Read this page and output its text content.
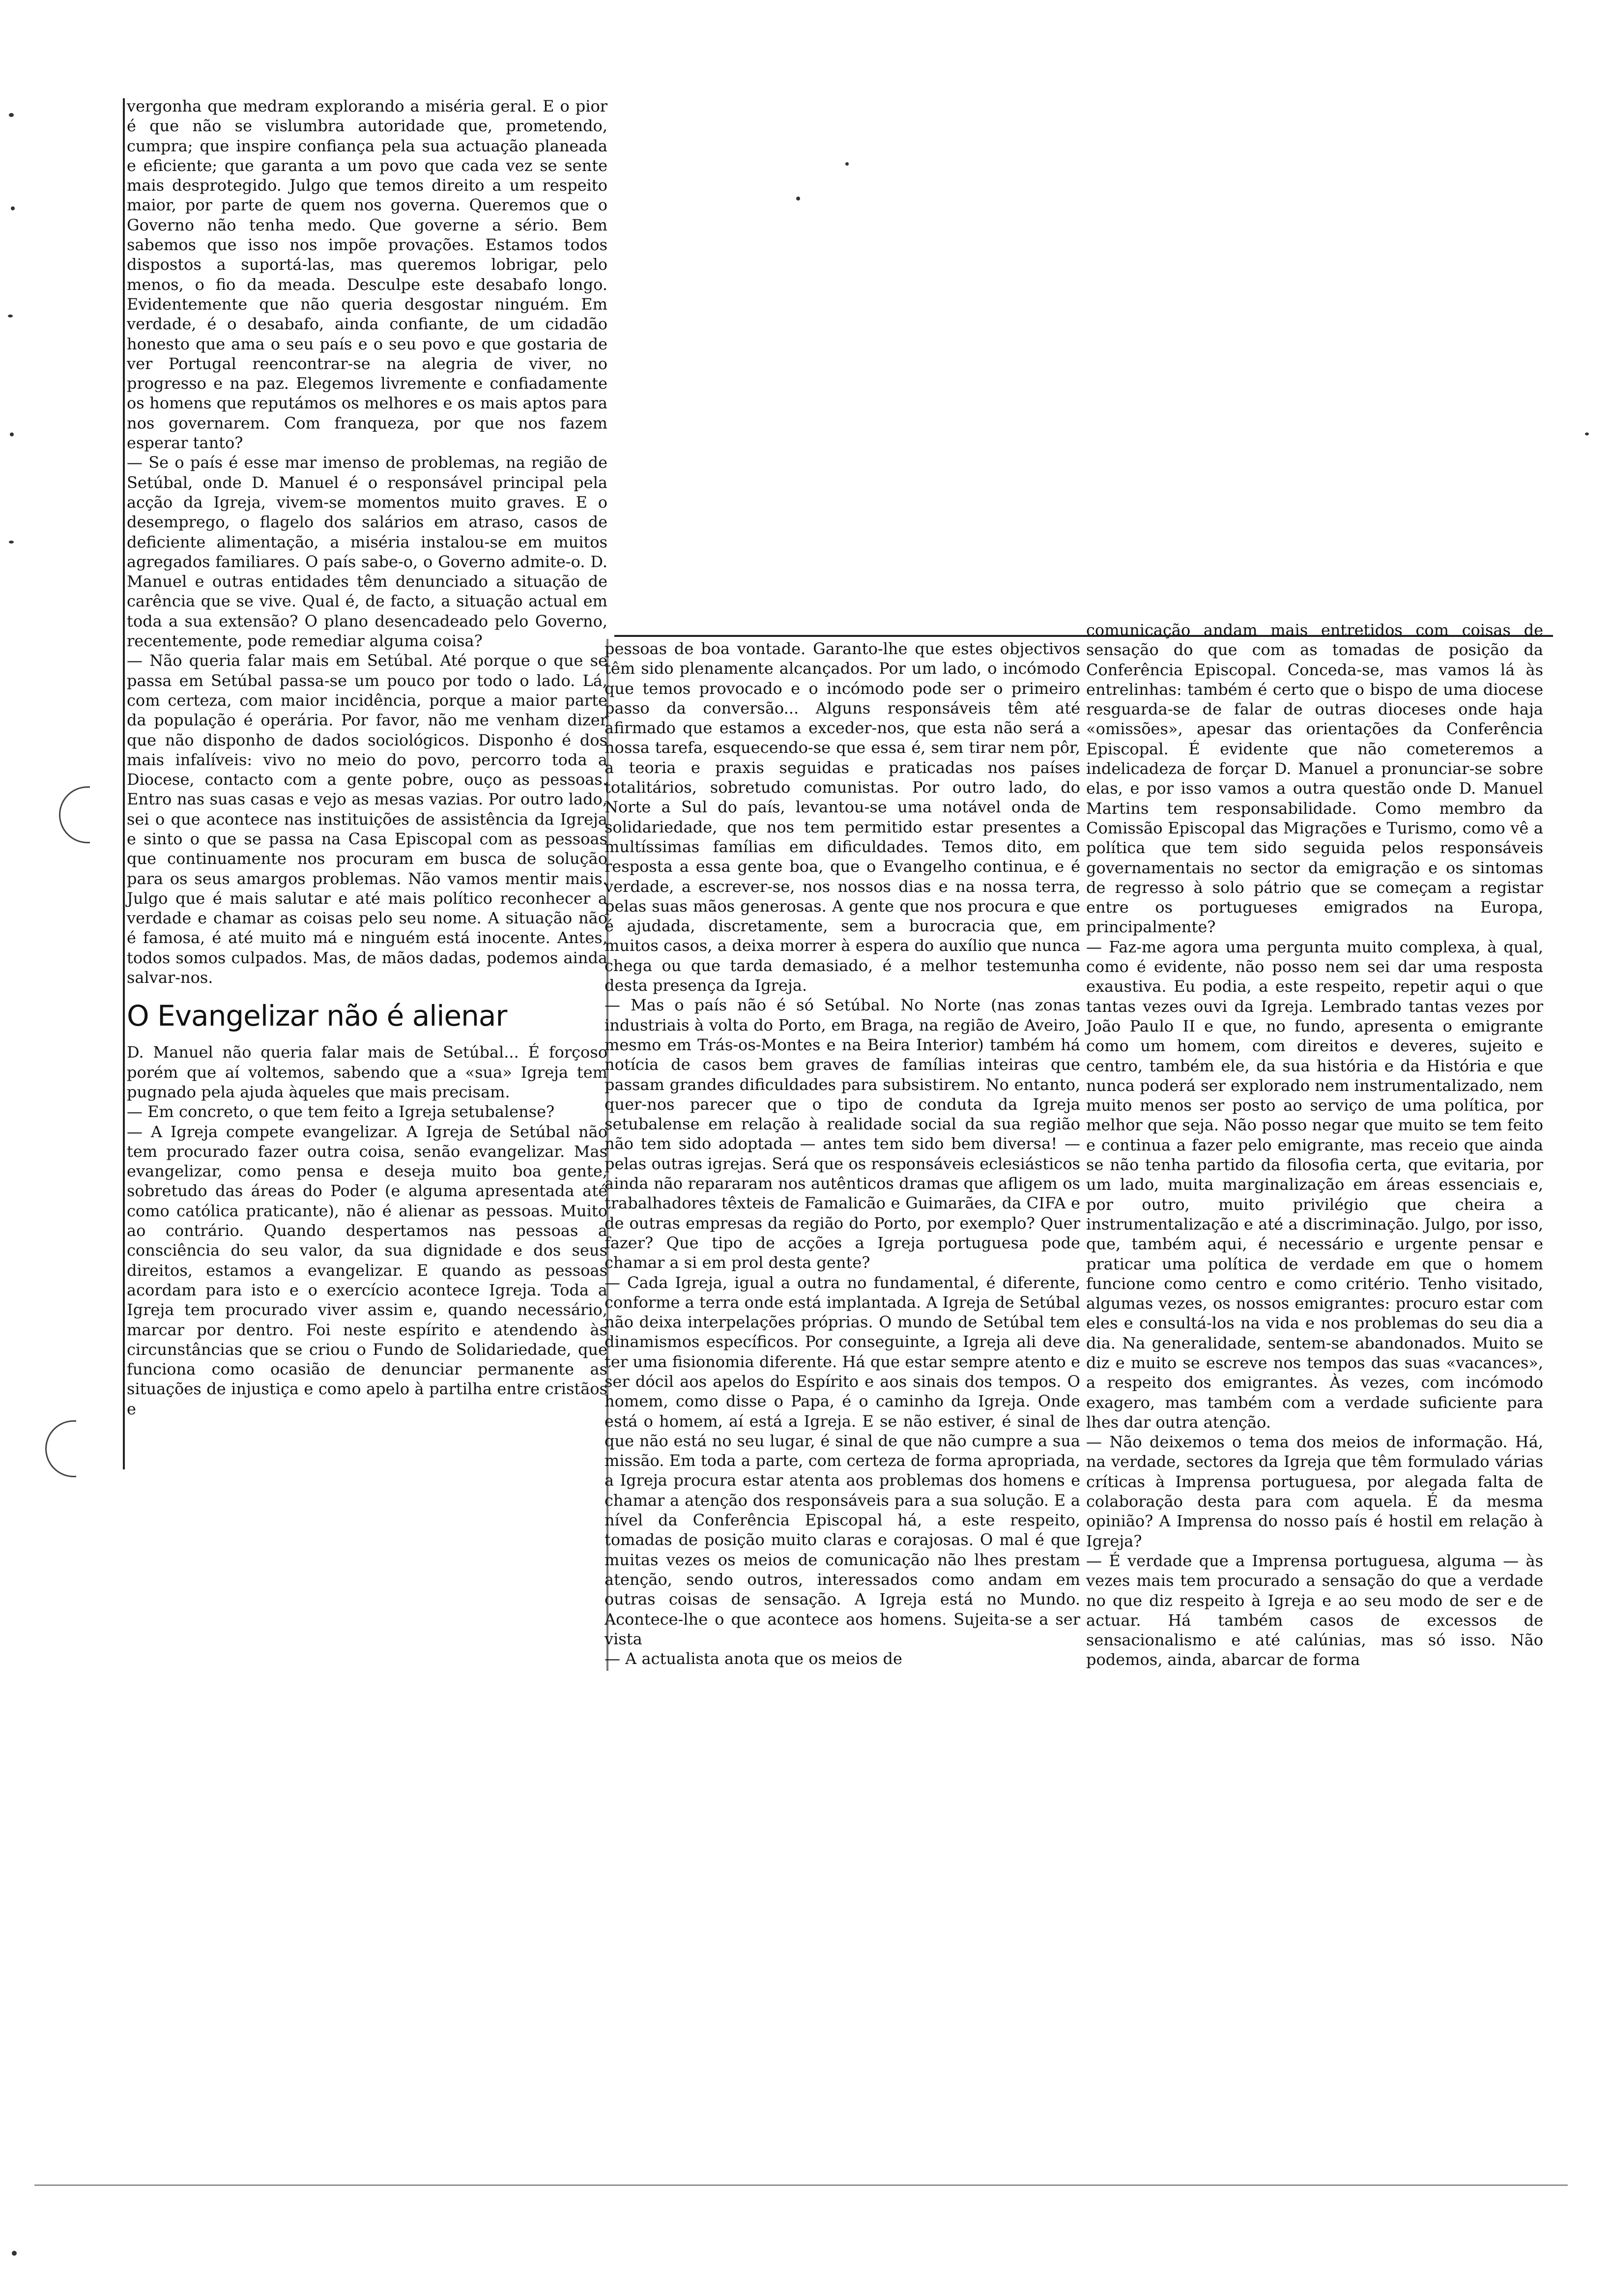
vergonha que medram explorando a miséria geral. E o pior é que não se vislumbra autoridade que, prometendo, cumpra; que inspire confiança pela sua actuação planeada e eficiente; que garanta a um povo que cada vez se sente mais desprotegido. Julgo que temos direito a um respeito maior, por parte de quem nos governa. Queremos que o Governo não tenha medo. Que governe a sério. Bem sabemos que isso nos impõe provações. Estamos todos dispostos a suportá-las, mas queremos lobrigar, pelo menos, o fio da meada. Desculpe este desabafo longo. Evidentemente que não queria desgostar ninguém. Em verdade, é o desabafo, ainda confiante, de um cidadão honesto que ama o seu país e o seu povo e que gostaria de ver Portugal reencontrar-se na alegria de viver, no progresso e na paz. Elegemos livremente e confiadamente os homens que reputámos os melhores e os mais aptos para nos governarem. Com franqueza, por que nos fazem esperar tanto?

— Se o país é esse mar imenso de problemas, na região de Setúbal, onde D. Manuel é o responsável principal pela acção da Igreja, vivem-se momentos muito graves. E o desemprego, o flagelo dos salários em atraso, casos de deficiente alimentação, a miséria instalou-se em muitos agregados familiares. O país sabe-o, o Governo admite-o. D. Manuel e outras entidades têm denunciado a situação de carência que se vive. Qual é, de facto, a situação actual em toda a sua extensão? O plano desencadeado pelo Governo, recentemente, pode remediar alguma coisa?

— Não queria falar mais em Setúbal. Até porque o que se passa em Setúbal passa-se um pouco por todo o lado. Lá, com certeza, com maior incidência, porque a maior parte da população é operária. Por favor, não me venham dizer que não disponho de dados sociológicos. Disponho é dos mais infalíveis: vivo no meio do povo, percorro toda a Diocese, contacto com a gente pobre, ouço as pessoas. Entro nas suas casas e vejo as mesas vazias. Por outro lado, sei o que acontece nas instituições de assistência da Igreja e sinto o que se passa na Casa Episcopal com as pessoas que continuamente nos procuram em busca de solução para os seus amargos problemas. Não vamos mentir mais. Julgo que é mais salutar e até mais político reconhecer a verdade e chamar as coisas pelo seu nome. A situação não é famosa, é até muito má e ninguém está inocente. Antes, todos somos culpados. Mas, de mãos dadas, podemos ainda salvar-nos.

O Evangelizar não é alienar

D. Manuel não queria falar mais de Setúbal... É forçoso porém que aí voltemos, sabendo que a «sua» Igreja tem pugnado pela ajuda àqueles que mais precisam.

— Em concreto, o que tem feito a Igreja setubalense?

— A Igreja compete evangelizar. A Igreja de Setúbal não tem procurado fazer outra coisa, senão evangelizar. Mas evangelizar, como pensa e deseja muito boa gente, sobretudo das áreas do Poder (e alguma apresentada até como católica praticante), não é alienar as pessoas. Muito ao contrário. Quando despertamos nas pessoas a consciência do seu valor, da sua dignidade e dos seus direitos, estamos a evangelizar. E quando as pessoas acordam para isto e o exercício acontece Igreja. Toda a Igreja tem procurado viver assim e, quando necessário, marcar por dentro. Foi neste espírito e atendendo às circunstâncias que se criou o Fundo de Solidariedade, que funciona como ocasião de denunciar permanente as situações de injustiça e como apelo à partilha entre cristãos e

pessoas de boa vontade. Garanto-lhe que estes objectivos têm sido plenamente alcançados. Por um lado, o incómodo que temos provocado e o incómodo pode ser o primeiro passo da conversão... Alguns responsáveis têm até afirmado que estamos a exceder-nos, que esta não será a nossa tarefa, esquecendo-se que essa é, sem tirar nem pôr, a teoria e praxis seguidas e praticadas nos países totalitários, sobretudo comunistas. Por outro lado, do Norte a Sul do país, levantou-se uma notável onda de solidariedade, que nos tem permitido estar presentes a multíssimas famílias em dificuldades. Temos dito, em resposta a essa gente boa, que o Evangelho continua, e é verdade, a escrever-se, nos nossos dias e na nossa terra, pelas suas mãos generosas. A gente que nos procura e que é ajudada, discretamente, sem a burocracia que, em muitos casos, a deixa morrer à espera do auxílio que nunca chega ou que tarda demasiado, é a melhor testemunha desta presença da Igreja.

— Mas o país não é só Setúbal. No Norte (nas zonas industriais à volta do Porto, em Braga, na região de Aveiro, mesmo em Trás-os-Montes e na Beira Interior) também há notícia de casos bem graves de famílias inteiras que passam grandes dificuldades para subsistirem. No entanto, quer-nos parecer que o tipo de conduta da Igreja setubalense em relação à realidade social da sua região não tem sido adoptada — antes tem sido bem diversa! — pelas outras igrejas. Será que os responsáveis eclesiásticos ainda não repararam nos autênticos dramas que afligem os trabalhadores têxteis de Famalicão e Guimarães, da CIFA e de outras empresas da região do Porto, por exemplo? Quer fazer? Que tipo de acções a Igreja portuguesa pode chamar a si em prol desta gente?

— Cada Igreja, igual a outra no fundamental, é diferente, conforme a terra onde está implantada. A Igreja de Setúbal não deixa interpelações próprias. O mundo de Setúbal tem dinamismos específicos. Por conseguinte, a Igreja ali deve ter uma fisionomia diferente. Há que estar sempre atento e ser dócil aos apelos do Espírito e aos sinais dos tempos. O homem, como disse o Papa, é o caminho da Igreja. Onde está o homem, aí está a Igreja. E se não estiver, é sinal de que não está no seu lugar, é sinal de que não cumpre a sua missão. Em toda a parte, com certeza de forma apropriada, a Igreja procura estar atenta aos problemas dos homens e chamar a atenção dos responsáveis para a sua solução. E a nível da Conferência Episcopal há, a este respeito, tomadas de posição muito claras e corajosas. O mal é que muitas vezes os meios de comunicação não lhes prestam atenção, sendo outros, interessados como andam em outras coisas de sensação. A Igreja está no Mundo. Acontece-lhe o que acontece aos homens. Sujeita-se a ser vista

— A actualista anota que os meios de

comunicação andam mais entretidos com coisas de sensação do que com as tomadas de posição da Conferência Episcopal. Conceda-se, mas vamos lá às entrelinhas: também é certo que o bispo de uma diocese resguarda-se de falar de outras dioceses onde haja «omissões», apesar das orientações da Conferência Episcopal. É evidente que não cometeremos a indelicadeza de forçar D. Manuel a pronunciar-se sobre elas, e por isso vamos a outra questão onde D. Manuel Martins tem responsabilidade. Como membro da Comissão Episcopal das Migrações e Turismo, como vê a política que tem sido seguida pelos responsáveis governamentais no sector da emigração e os sintomas de regresso à solo pátrio que se começam a registar entre os portugueses emigrados na Europa, principalmente?

— Faz-me agora uma pergunta muito complexa, à qual, como é evidente, não posso nem sei dar uma resposta exaustiva. Eu podia, a este respeito, repetir aqui o que tantas vezes ouvi da Igreja. Lembrado tantas vezes por João Paulo II e que, no fundo, apresenta o emigrante como um homem, com direitos e deveres, sujeito e centro, também ele, da sua história e da História e que nunca poderá ser explorado nem instrumentalizado, nem muito menos ser posto ao serviço de uma política, por melhor que seja. Não posso negar que muito se tem feito e continua a fazer pelo emigrante, mas receio que ainda se não tenha partido da filosofia certa, que evitaria, por um lado, muita marginalização em áreas essenciais e, por outro, muito privilégio que cheira a instrumentalização e até a discriminação. Julgo, por isso, que, também aqui, é necessário e urgente pensar e praticar uma política de verdade em que o homem funcione como centro e como critério. Tenho visitado, algumas vezes, os nossos emigrantes: procuro estar com eles e consultá-los na vida e nos problemas do seu dia a dia. Na generalidade, sentem-se abandonados. Muito se diz e muito se escreve nos tempos das suas «vacances», a respeito dos emigrantes. Às vezes, com incómodo exagero, mas também com a verdade suficiente para lhes dar outra atenção.

— Não deixemos o tema dos meios de informação. Há, na verdade, sectores da Igreja que têm formulado várias críticas à Imprensa portuguesa, por alegada falta de colaboração desta para com aquela. É da mesma opinião? A Imprensa do nosso país é hostil em relação à Igreja?

— É verdade que a Imprensa portuguesa, alguma — às vezes mais tem procurado a sensação do que a verdade no que diz respeito à Igreja e ao seu modo de ser e de actuar. Há também casos de excessos de sensacionalismo e até calúnias, mas só isso. Não podemos, ainda, abarcar de forma
